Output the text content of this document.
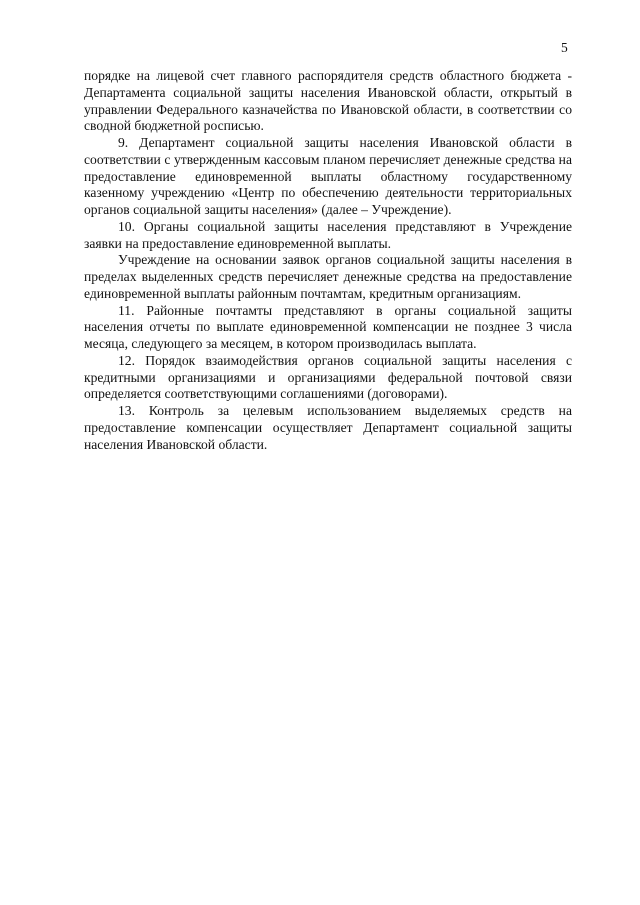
5

порядке на лицевой счет главного распорядителя средств областного бюджета - Департамента социальной защиты населения Ивановской области, открытый в управлении Федерального казначейства по Ивановской области, в соответствии со сводной бюджетной росписью.

9. Департамент социальной защиты населения Ивановской области в соответствии с утвержденным кассовым планом перечисляет денежные средства на предоставление единовременной выплаты областному государственному казенному учреждению «Центр по обеспечению деятельности территориальных органов социальной защиты населения» (далее – Учреждение).

10. Органы социальной защиты населения представляют в Учреждение заявки на предоставление единовременной выплаты.

Учреждение на основании заявок органов социальной защиты населения в пределах выделенных средств перечисляет денежные средства на предоставление единовременной выплаты районным почтамтам, кредитным организациям.

11. Районные почтамты представляют в органы социальной защиты населения отчеты по выплате единовременной компенсации не позднее 3 числа месяца, следующего за месяцем, в котором производилась выплата.

12. Порядок взаимодействия органов социальной защиты населения с кредитными организациями и организациями федеральной почтовой связи определяется соответствующими соглашениями (договорами).

13. Контроль за целевым использованием выделяемых средств на предоставление компенсации осуществляет Департамент социальной защиты населения Ивановской области.
